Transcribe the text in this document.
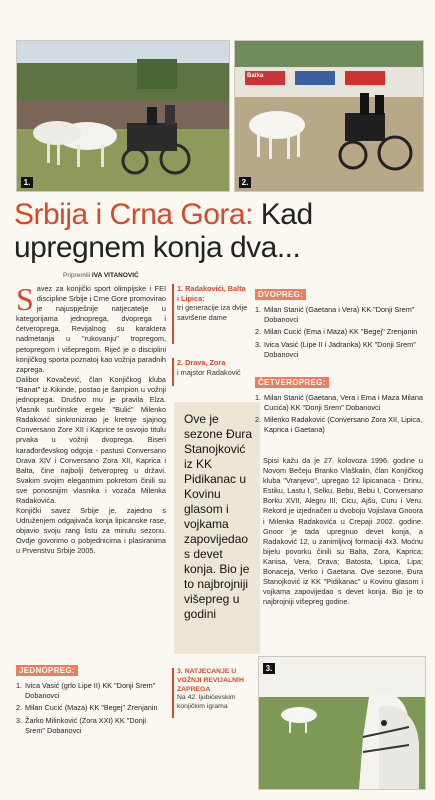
1.
Batka
2.
Srbija i Crna Gora: Kad upregnem konja dva...
Pripremili IVA VITANOVIĆ
S avez za konjički sport olimpijske i FEI discipline Srbije i Crne Gore promovirao je najuspješnije natjecatelje u kategorijama jednoprega, dvoprega i četveroprega. Revijalnog su karaktera nadmetanja u "rukovanju" tropregom, petopregom i višepregom. Riječ je o disciplini konjičkog sporta poznatoj kao vožnja paradnih zaprega.

Dalibor Kovačević, član Konjičkog kluba "Banat" iz Kikinde, postao je šampion u vožnji jednoprega. Društvo mu je pravila Elza. Vlasnik surčinske ergele "Bulić" Milenko Radaković sinkronizirao je kretnje sjajnog Conversano Zore XII i Kaprice te osvojio titulu prvaka u vožnji dvoprega. Biseri karađorđevskog odgoja - pastusi Conversano Drava XIV i Conversano Zora XII, Kaprica i Balta, čine najbolji četveropreg u državi. Svakim svojim elegantnim pokretom činili su sve ponosnijim vlasnika i vozača Milenka Radakovića.

Konjički savez Srbije je, zajedno s Udruženjem odgajivača konja lipicanske rase, objavio svoju rang listu za minulu sezonu. Ovdje govorimo o pobjednicima i plasiranima u Prvenstvu Srbije 2005.

JEDNOPREG:
1. Ivica Vasić (grlo Lipe II) KK "Donji Srem" Dobanovci
2. Milan Cucić (Maza) KK "Begej" Zrenjanin
3. Žarko Milinković (Zora XXI) KK "Donji Srem" Dobanovci
1. Radakovići, Balta i Lipica:
tri generacije iza dvije savršene dame
2. Drava, Zora
i majstor Radaković
Ove je sezone Đura Stanojković iz KK Pidikanac u Kovinu glasom i vojkama zapovijedao s devet konja. Bio je to najbrojniji višepreg u godini
3. NATJECANJE U VOŽNJI REVIJALNIH ZAPREGA
Na 42. ljubičevskim konjičkim igrama
DVOPREG:
1. Milan Stanić (Gaetana i Vera) KK "Donji Srem" Dobanovci
2. Milan Cucić (Ema i Maza) KK "Begej" Zrenjanin
3. Ivica Vasić (Lipe II i Jadranka) KK "Donji Srem" Dobanovci
ČETVEROPREG:
1. Milan Stanić (Gaetana, Vera i Ema i Maza Milana Cucića) KK "Donji Srem" Dobanovci
2. Milenko Radaković (Conversano Zora XII, Lipica, Kaprica i Gaetana)
Spisi kažu da je 27. kolovoza 1996. godine u Novom Bečeju Branko Vlaškalin, član Konjičkog kluba "Vranjevo", upregao 12 lipicanaca - Drinu, Estiku, Lastu I, Selku, Bebu, Bebu I, Conversano Borku XVII, Alegru III, Cicu, Ajšu, Curu i Veru. Rekord je izjednačen u dvoboju Vojislava Gnoora i Milenka Radakovića u Crepaji 2002. godine. Gnoor je tada upregnuo devet konja, a Radaković 12, u zanimljivoj formaciji 4x3. Moćnu bijelu povorku činili su Balta, Zora, Kaprica; Kanisa, Vera, Drava; Batosta, Lipica, Lipa; Bonaceja, Verko i Gaetana. Ove sezone, Đura Stanojković iz KK "Pidikanac" u Kovinu glasom i vojkama zapovijedao s devet konja. Bio je to najbrojniji višepreg godine.
3.
